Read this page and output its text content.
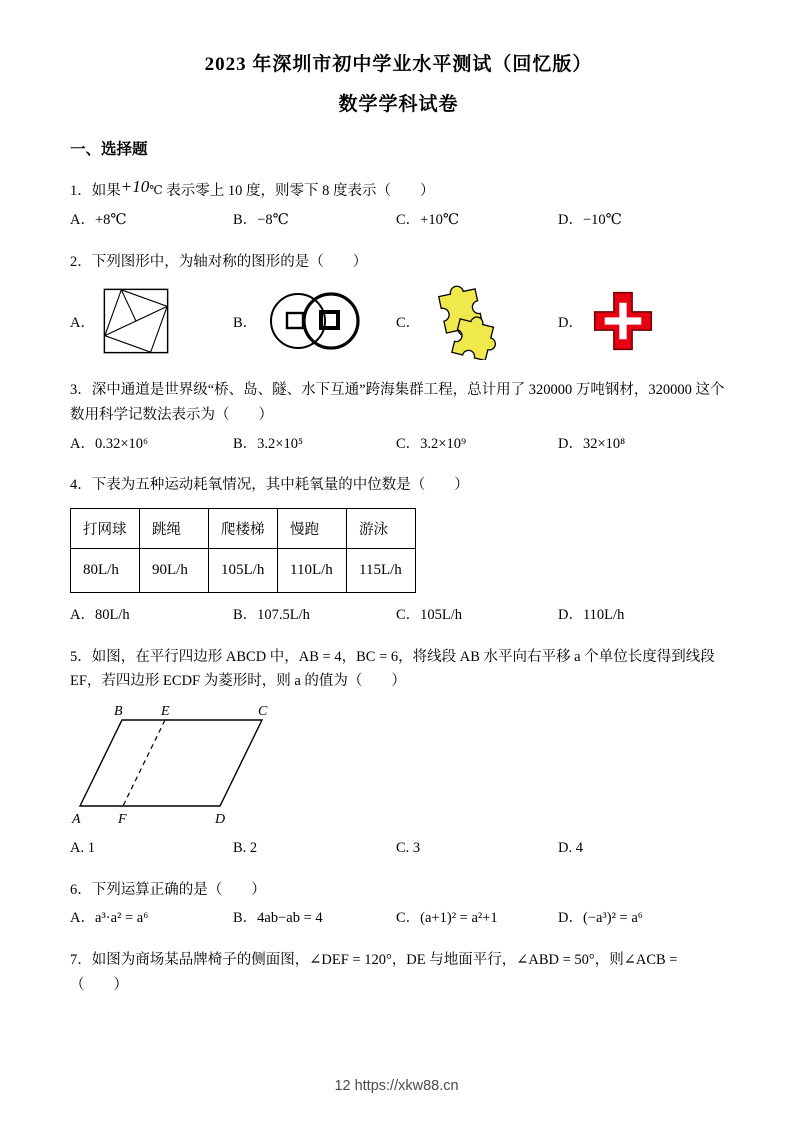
2023 年深圳市初中学业水平测试（回忆版）
数学学科试卷
一、选择题

1．如果+10℃ 表示零上 10 度，则零下 8 度表示（　　）

A．+8℃	B．−8℃	C．+10℃	D．−10℃

2．下列图形中，为轴对称的图形的是（　　）

A．	B．	C．	D．

3．深中通道是世界级“桥、岛、隧、水下互通”跨海集群工程，总计用了 320000 万吨钢材，320000 这个数用科学记数法表示为（　　）

A．0.32×10⁶	B．3.2×10⁵	C．3.2×10⁹	D．32×10⁸

4．下表为五种运动耗氧情况，其中耗氧量的中位数是（　　）

打网球	跳绳	爬楼梯	慢跑	游泳
80L/h	90L/h	105L/h	110L/h	115L/h
A．80L/h	B．107.5L/h	C．105L/h	D．110L/h

5．如图，在平行四边形 ABCD 中，AB = 4，BC = 6，将线段 AB 水平向右平移 a 个单位长度得到线段 EF，若四边形 ECDF 为菱形时，则 a 的值为（　　）

B	E	C
A	F	D
A. 1	B. 2	C. 3	D. 4

6．下列运算正确的是（　　）

A．a³·a² = a⁶	B．4ab−ab = 4	C．(a+1)² = a²+1	D．(−a³)² = a⁶

7．如图为商场某品牌椅子的侧面图，∠DEF = 120°，DE 与地面平行，∠ABD = 50°，则∠ACB =（　　）

12 https://xkw88.cn
